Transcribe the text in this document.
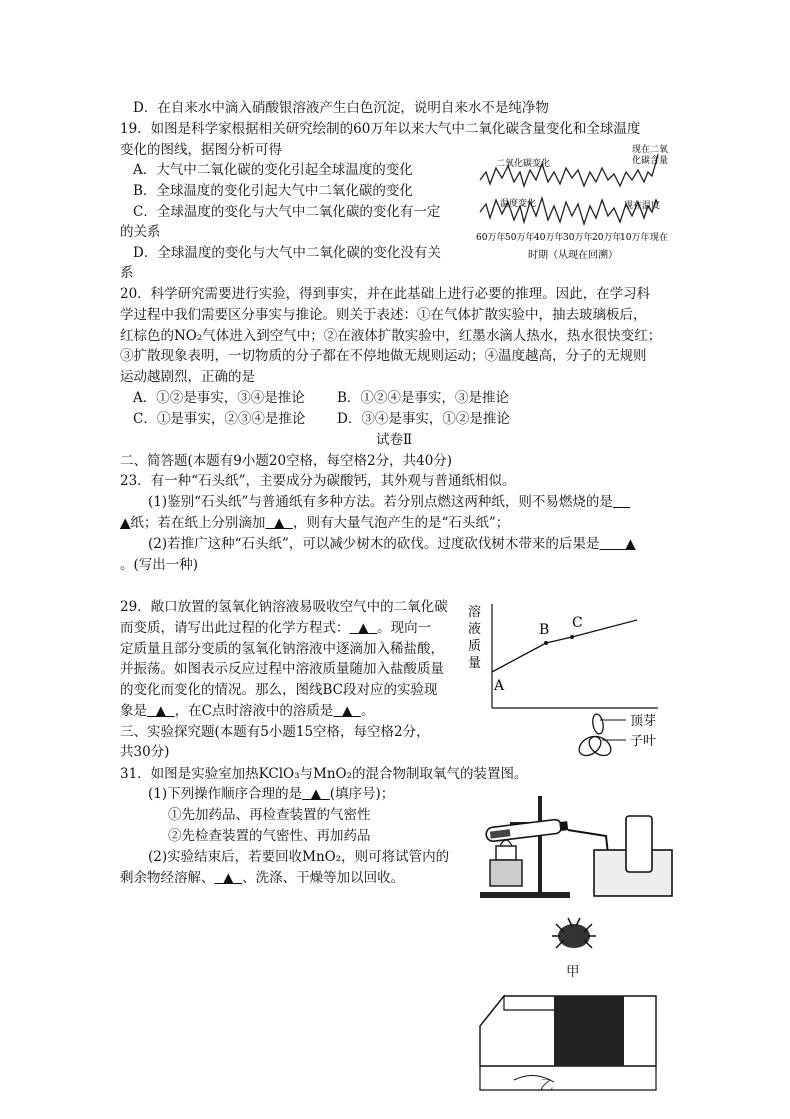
D．在自来水中滴入硝酸银溶液产生白色沉淀，说明自来水不是纯净物
19．如图是科学家根据相关研究绘制的60万年以来大气中二氧化碳含量变化和全球温度
变化的图线，据图分析可得
A．大气中二氧化碳的变化引起全球温度的变化
B．全球温度的变化引起大气中二氧化碳的变化
C．全球温度的变化与大气中二氧化碳的变化有一定
的关系
D．全球温度的变化与大气中二氧化碳的变化没有关
系
二氧化碳变化
温度变化
现在二氧
化碳含量
现在温度
60万年 50万年 40万年 30万年 20万年
10万年 现在
时期（从现在回溯）
20．科学研究需要进行实验，得到事实，并在此基础上进行必要的推理。因此，在学习科
学过程中我们需要区分事实与推论。则关于表述：①在气体扩散实验中，抽去玻璃板后，
红棕色的NO₂气体进入到空气中；②在液体扩散实验中，红墨水滴人热水，热水很快变红；
③扩散现象表明，一切物质的分子都在不停地做无规则运动；④温度越高，分子的无规则
运动越剧烈，正确的是
A．①②是事实，③④是推论 B．①②④是事实，③是推论
C．①是事实，②③④是推论 D．③④是事实，①②是推论
试卷Ⅱ
二、简答题(本题有9小题20空格，每空格2分，共40分)
23．有一种“石头纸”，主要成分为碳酸钙，其外观与普通纸相似。
(1)鉴别“石头纸”与普通纸有多种方法。若分别点燃这两种纸，则不易燃烧的是
▲纸；若在纸上分别滴加 ▲ ，则有大量气泡产生的是“石头纸”；
(2)若推广这种“石头纸”，可以减少树木的砍伐。过度砍伐树木带来的后果是 ▲
。(写出一种)
29．敞口放置的氢氧化钠溶液易吸收空气中的二氧化碳
而变质，请写出此过程的化学方程式： ▲ 。现向一
定质量且部分变质的氢氧化钠溶液中逐滴加入稀盐酸，
并振荡。如图表示反应过程中溶液质量随加入盐酸质量
的变化而变化的情况。那么，图线BC段对应的实验现
象是 ▲ ，在C点时溶液中的溶质是 ▲ 。
溶
液
质
量
A
B C
三、实验探究题(本题有5小题15空格，每空格2分，
共30分)
顶芽
子叶
31．如图是实验室加热KClO₃与MnO₂的混合物制取氧气的装置图。
(1)下列操作顺序合理的是 ▲ (填序号)；
①先加药品、再检查装置的气密性
②先检查装置的气密性、再加药品
(2)实验结束后，若要回收MnO₂，则可将试管内的
剩余物经溶解、 ▲ 、洗涤、干燥等加以回收。
甲
乙
